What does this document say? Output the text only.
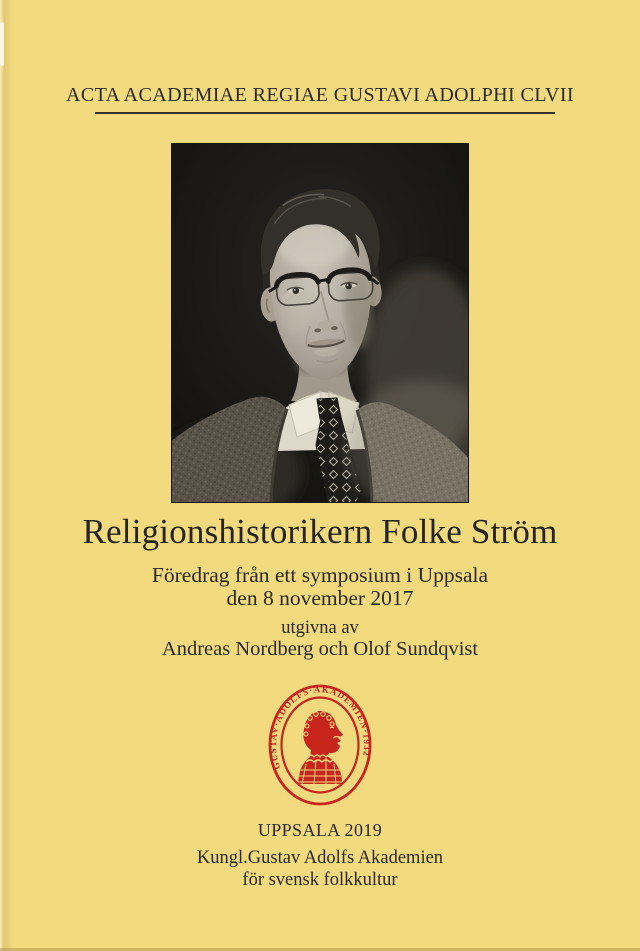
ACTA ACADEMIAE REGIAE GUSTAVI ADOLPHI CLVII
Religionshistorikern Folke Ström
Föredrag från ett symposium i Uppsala
den 8 november 2017
utgivna av
Andreas Nordberg och Olof Sundqvist
GUSTAV·ADOLFS·AKADEMIEN·1932
UPPSALA 2019
Kungl.Gustav Adolfs Akademien
för svensk folkkultur
